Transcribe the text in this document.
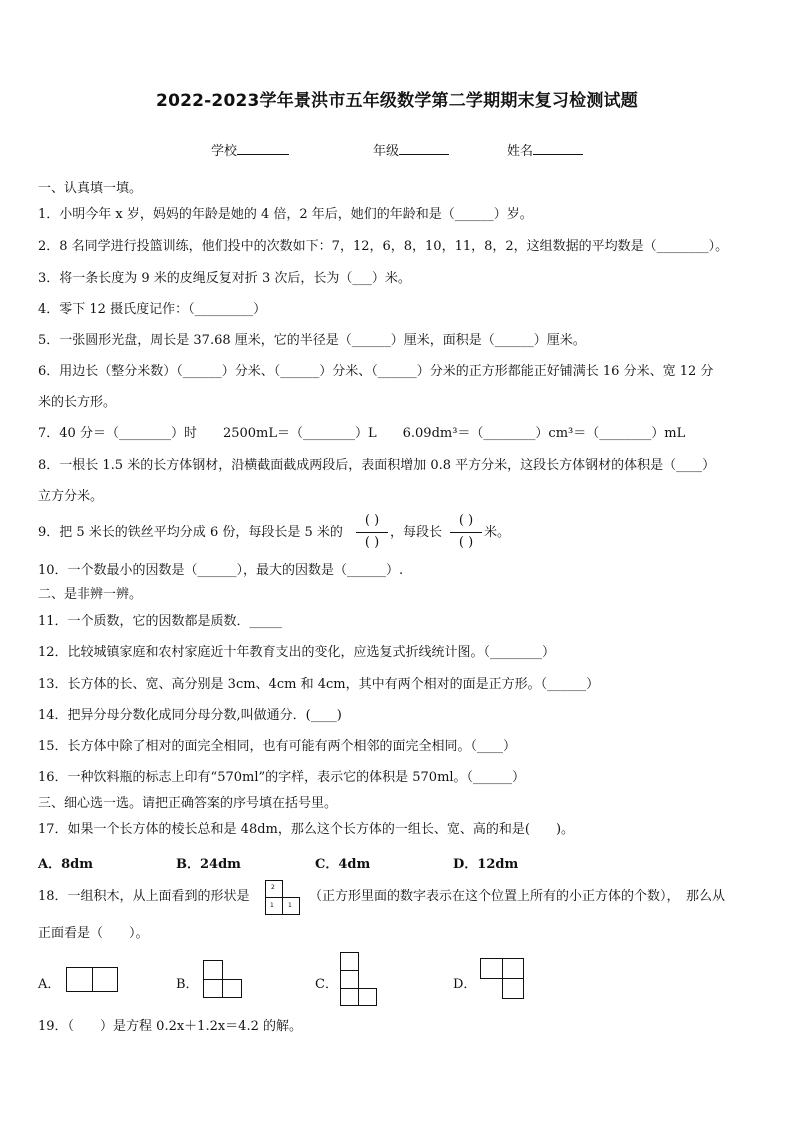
2022-2023学年景洪市五年级数学第二学期期末复习检测试题
学校	年级	姓名
一、认真填一填。
1．小明今年 x 岁，妈妈的年龄是她的 4 倍，2 年后，她们的年龄和是（______）岁。
2．8 名同学进行投篮训练，他们投中的次数如下：7，12，6，8，10，11，8，2，这组数据的平均数是（________）。
3．将一条长度为 9 米的皮绳反复对折 3 次后，长为（___）米。
4．零下 12 摄氏度记作：（_________）
5．一张圆形光盘，周长是 37.68 厘米，它的半径是（______）厘米，面积是（______）厘米。
6．用边长（整分米数）（______）分米、（______）分米、（______）分米的正方形都能正好铺满长 16 分米、宽 12 分
米的长方形。
7．40 分＝（________）时　　2500mL＝（________）L　　6.09dm³＝（________）cm³＝（________）mL
8．一根长 1.5 米的长方体钢材，沿横截面截成两段后，表面积增加 0.8 平方分米，这段长方体钢材的体积是（____）
立方分米。
9．把 5 米长的铁丝平均分成 6 份，每段长是 5 米的
( )
( )
，每段长
( )
( )
米。
10．一个数最小的因数是（______），最大的因数是（______）.
二、是非辨一辨。
11．一个质数，它的因数都是质数．_____
12．比较城镇家庭和农村家庭近十年教育支出的变化，应选复式折线统计图。（________）
13．长方体的长、宽、高分别是 3cm、4cm 和 4cm，其中有两个相对的面是正方形。（______）
14．把异分母分数化成同分母分数,叫做通分．(____)
15．长方体中除了相对的面完全相同，也有可能有两个相邻的面完全相同。（____）
16．一种饮料瓶的标志上印有“570ml”的字样，表示它的体积是 570ml。（______）
三、细心选一选。请把正确答案的序号填在括号里。
17．如果一个长方体的棱长总和是 48dm，那么这个长方体的一组长、宽、高的和是(　　)。
A．8dm	B．24dm	C．4dm	D．12dm
18．一组积木，从上面看到的形状是
2
1 1
（正方形里面的数字表示在这个位置上所有的小正方体的个数），　那么从
正面看是（　　）。
A．	B．	C．	D．
19．（　　）是方程 0.2x＋1.2x＝4.2 的解。
